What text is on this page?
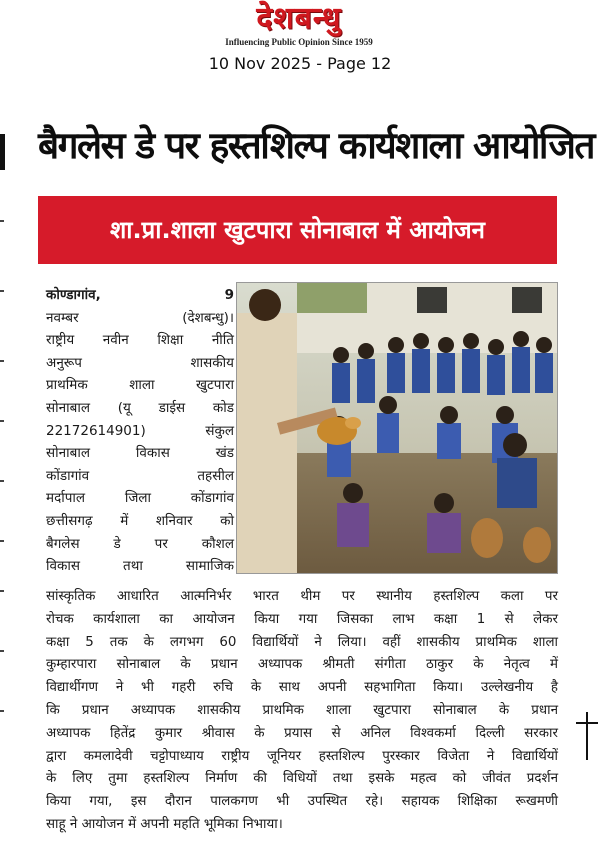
देशबन्धु
Influencing Public Opinion Since 1959
10 Nov 2025 - Page 12
बैगलेस डे पर हस्तशिल्प कार्यशाला आयोजित
शा.प्रा.शाला खुटपारा सोनाबाल में आयोजन
कोण्डागांव, 9
नवम्बर (देशबन्धु)।
राष्ट्रीय नवीन शिक्षा नीति
अनुरूप शासकीय
प्राथमिक शाला खुटपारा
सोनाबाल (यू डाईस कोड
22172614901) संकुल
सोनाबाल विकास खंड
कोंडागांव तहसील
मर्दापाल जिला कोंडागांव
छत्तीसगढ़ में शनिवार को
बैगलेस डे पर कौशल
विकास तथा सामाजिक
सांस्कृतिक आधारित आत्मनिर्भर भारत थीम पर स्थानीय हस्तशिल्प कला पर
रोचक कार्यशाला का आयोजन किया गया जिसका लाभ कक्षा 1 से लेकर
कक्षा 5 तक के लगभग 60 विद्यार्थियों ने लिया। वहीं शासकीय प्राथमिक शाला
कुम्हारपारा सोनाबाल के प्रधान अध्यापक श्रीमती संगीता ठाकुर के नेतृत्व में
विद्यार्थीगण ने भी गहरी रुचि के साथ अपनी सहभागिता किया। उल्लेखनीय है
कि प्रधान अध्यापक शासकीय प्राथमिक शाला खुटपारा सोनाबाल के प्रधान
अध्यापक हितेंद्र कुमार श्रीवास के प्रयास से अनिल विश्वकर्मा दिल्ली सरकार
द्वारा कमलादेवी चट्टोपाध्याय राष्ट्रीय जूनियर हस्तशिल्प पुरस्कार विजेता ने विद्यार्थियों
के लिए तुमा हस्तशिल्प निर्माण की विधियों तथा इसके महत्व को जीवंत प्रदर्शन
किया गया, इस दौरान पालकगण भी उपस्थित रहे। सहायक शिक्षिका रूखमणी
साहू ने आयोजन में अपनी महति भूमिका निभाया।
